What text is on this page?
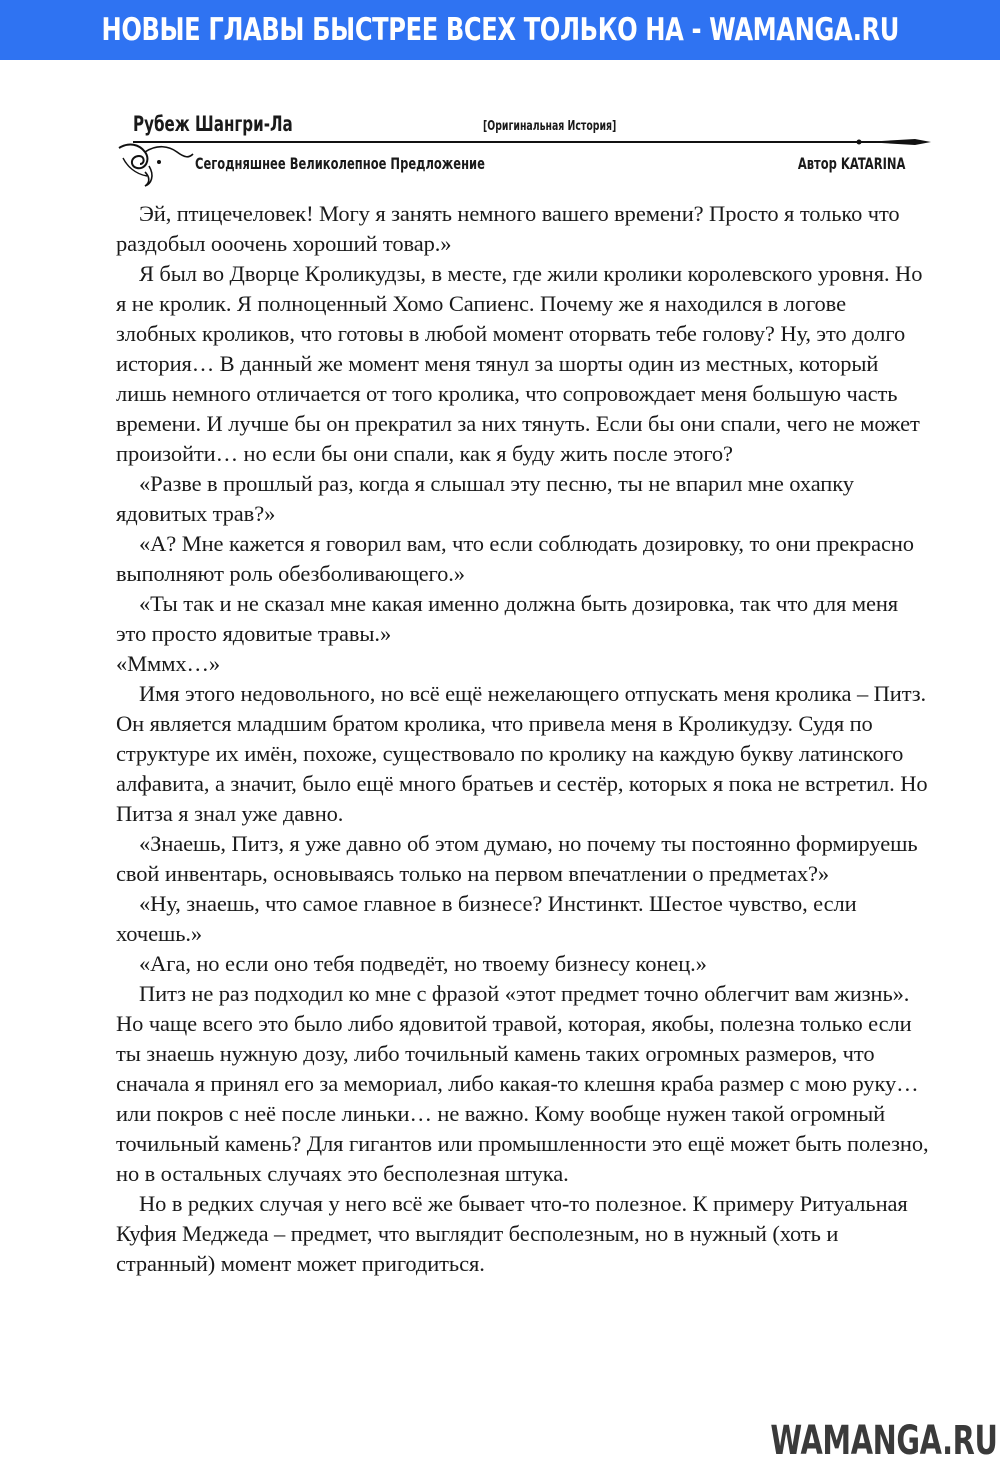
НОВЫЕ ГЛАВЫ БЫСТРЕЕ ВСЕХ ТОЛЬКО НА - WAMANGA.RU
Рубеж Шангри-Ла	[Оригинальная История]
Сегодняшнее Великолепное Предложение	Автор KATARINA

Эй, птицечеловек! Могу я занять немного вашего времени? Просто я только что раздобыл ооочень хороший товар.»

Я был во Дворце Кроликудзы, в месте, где жили кролики королевского уровня. Но я не кролик. Я полноценный Хомо Сапиенс. Почему же я находился в логове злобных кроликов, что готовы в любой момент оторвать тебе голову? Ну, это долго история… В данный же момент меня тянул за шорты один из местных, который лишь немного отличается от того кролика, что сопровождает меня большую часть времени. И лучше бы он прекратил за них тянуть. Если бы они спали, чего не может произойти… но если бы они спали, как я буду жить после этого?

«Разве в прошлый раз, когда я слышал эту песню, ты не впарил мне охапку ядовитых трав?»

«А? Мне кажется я говорил вам, что если соблюдать дозировку, то они прекрасно выполняют роль обезболивающего.»

«Ты так и не сказал мне какая именно должна быть дозировка, так что для меня это просто ядовитые травы.»

«Мммх…»

Имя этого недовольного, но всё ещё нежелающего отпускать меня кролика – Питз. Он является младшим братом кролика, что привела меня в Кроликудзу. Судя по структуре их имён, похоже, существовало по кролику на каждую букву латинского алфавита, а значит, было ещё много братьев и сестёр, которых я пока не встретил. Но Питза я знал уже давно.

«Знаешь, Питз, я уже давно об этом думаю, но почему ты постоянно формируешь свой инвентарь, основываясь только на первом впечатлении о предметах?»

«Ну, знаешь, что самое главное в бизнесе? Инстинкт. Шестое чувство, если хочешь.»

«Ага, но если оно тебя подведёт, но твоему бизнесу конец.»

Питз не раз подходил ко мне с фразой «этот предмет точно облегчит вам жизнь». Но чаще всего это было либо ядовитой травой, которая, якобы, полезна только если ты знаешь нужную дозу, либо точильный камень таких огромных размеров, что сначала я принял его за мемориал, либо какая-то клешня краба размер с мою руку… или покров с неё после линьки… не важно. Кому вообще нужен такой огромный точильный камень? Для гигантов или промышленности это ещё может быть полезно, но в остальных случаях это бесполезная штука.

Но в редких случая у него всё же бывает что-то полезное. К примеру Ритуальная Куфия Меджеда – предмет, что выглядит бесполезным, но в нужный (хоть и странный) момент может пригодиться.

WAMANGA.RU
